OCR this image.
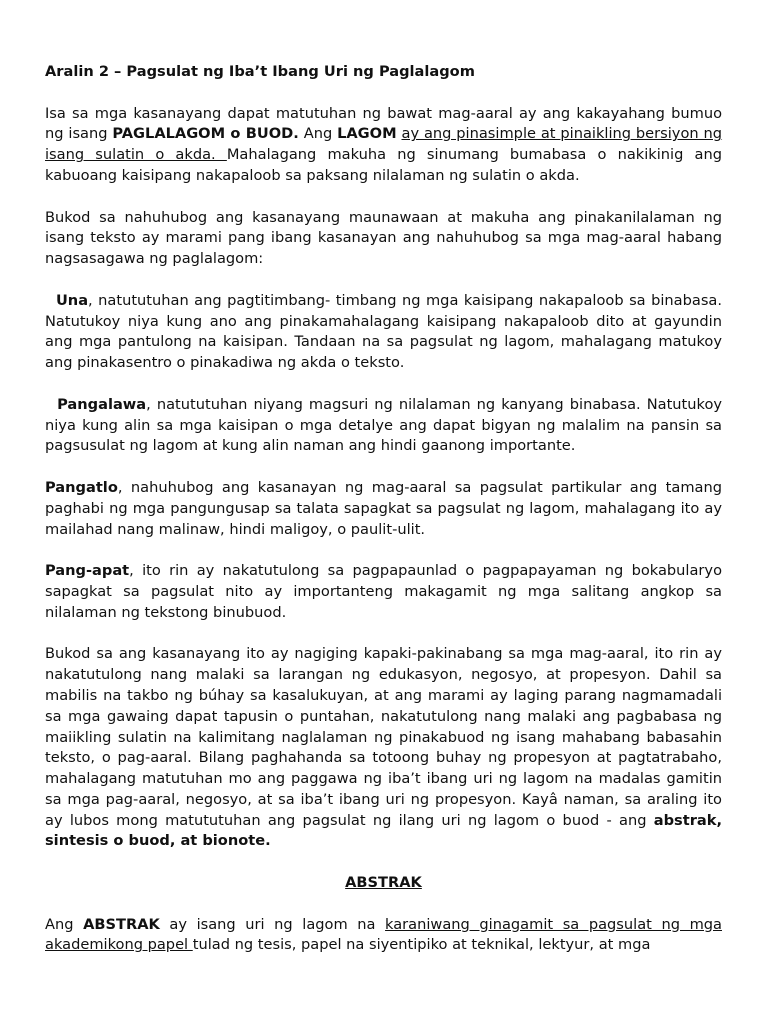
Aralin 2 – Pagsulat ng Iba’t Ibang Uri ng Paglalagom

Isa sa mga kasanayang dapat matutuhan ng bawat mag-aaral ay ang kakayahang bumuo ng isang PAGLALAGOM o BUOD. Ang LAGOM ay ang pinasimple at pinaikling bersiyon ng isang sulatin o akda. Mahalagang makuha ng sinumang bumabasa o nakikinig ang kabuoang kaisipang nakapaloob sa paksang nilalaman ng sulatin o akda.

Bukod sa nahuhubog ang kasanayang maunawaan at makuha ang pinakanilalaman ng isang teksto ay marami pang ibang kasanayan ang nahuhubog sa mga mag-aaral habang nagsasagawa ng paglalagom:

Una, natututuhan ang pagtitimbang- timbang ng mga kaisipang nakapaloob sa binabasa. Natutukoy niya kung ano ang pinakamahalagang kaisipang nakapaloob dito at gayundin ang mga pantulong na kaisipan. Tandaan na sa pagsulat ng lagom, mahalagang matukoy ang pinakasentro o pinakadiwa ng akda o teksto.

Pangalawa, natututuhan niyang magsuri ng nilalaman ng kanyang binabasa. Natutukoy niya kung alin sa mga kaisipan o mga detalye ang dapat bigyan ng malalim na pansin sa pagsusulat ng lagom at kung alin naman ang hindi gaanong importante.

Pangatlo, nahuhubog ang kasanayan ng mag-aaral sa pagsulat partikular ang tamang paghabi ng mga pangungusap sa talata sapagkat sa pagsulat ng lagom, mahalagang ito ay mailahad nang malinaw, hindi maligoy, o paulit-ulit.

Pang-apat, ito rin ay nakatutulong sa pagpapaunlad o pagpapayaman ng bokabularyo sapagkat sa pagsulat nito ay importanteng makagamit ng mga salitang angkop sa nilalaman ng tekstong binubuod.

Bukod sa ang kasanayang ito ay nagiging kapaki-pakinabang sa mga mag-aaral, ito rin ay nakatutulong nang malaki sa larangan ng edukasyon, negosyo, at propesyon. Dahil sa mabilis na takbo ng búhay sa kasalukuyan, at ang marami ay laging parang nagmamadali sa mga gawaing dapat tapusin o puntahan, nakatutulong nang malaki ang pagbabasa ng maiikling sulatin na kalimitang naglalaman ng pinakabuod ng isang mahabang babasahin teksto, o pag-aaral. Bilang paghahanda sa totoong buhay ng propesyon at pagtatrabaho, mahalagang matutuhan mo ang paggawa ng iba’t ibang uri ng lagom na madalas gamitin sa mga pag-aaral, negosyo, at sa iba’t ibang uri ng propesyon. Kayâ naman, sa araling ito ay lubos mong matututuhan ang pagsulat ng ilang uri ng lagom o buod - ang abstrak, sintesis o buod, at bionote.

ABSTRAK

Ang ABSTRAK ay isang uri ng lagom na karaniwang ginagamit sa pagsulat ng mga akademikong papel tulad ng tesis, papel na siyentipiko at teknikal, lektyur, at mga
